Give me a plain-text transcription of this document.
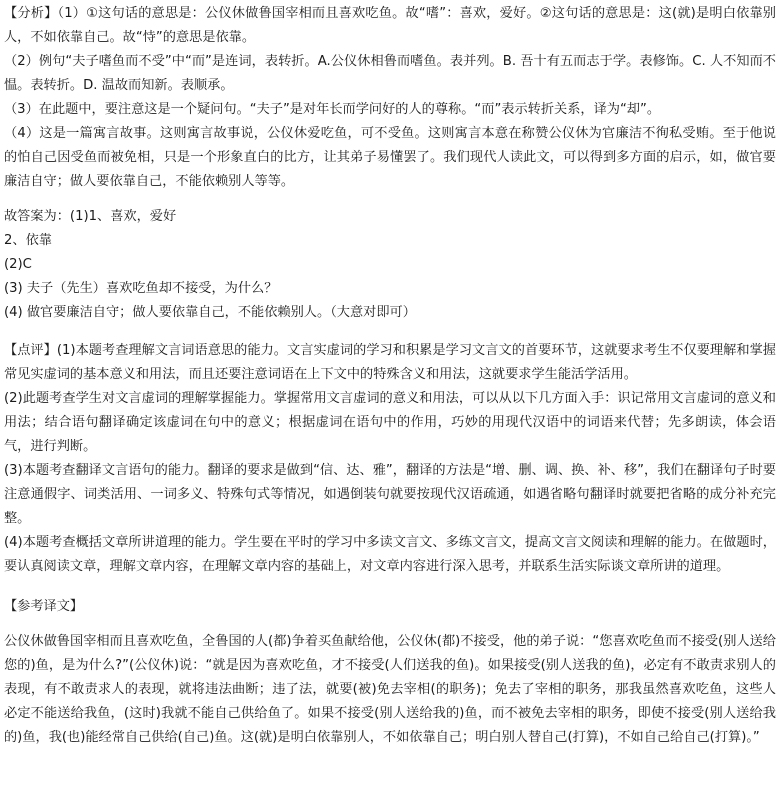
【分析】（1）①这句话的意思是：公仪休做鲁国宰相而且喜欢吃鱼。故“嗜”：喜欢，爱好。②这句话的意思是：这(就)是明白依靠别人，不如依靠自己。故“恃”的意思是依靠。

（2）例句“夫子嗜鱼而不受”中“而”是连词，表转折。A.公仪休相鲁而嗜鱼。表并列。B. 吾十有五而志于学。表修饰。C. 人不知而不愠。表转折。D. 温故而知新。表顺承。

（3）在此题中，要注意这是一个疑问句。“夫子”是对年长而学问好的人的尊称。“而”表示转折关系，译为“却”。

（4）这是一篇寓言故事。这则寓言故事说，公仪休爱吃鱼，可不受鱼。这则寓言本意在称赞公仪休为官廉洁不徇私受贿。至于他说的怕自己因受鱼而被免相，只是一个形象直白的比方，让其弟子易懂罢了。我们现代人读此文，可以得到多方面的启示，如，做官要廉洁自守；做人要依靠自己，不能依赖别人等等。

故答案为：(1)1、喜欢，爱好

2、依靠

(2)C

(3) 夫子（先生）喜欢吃鱼却不接受，为什么？

(4) 做官要廉洁自守；做人要依靠自己，不能依赖别人。（大意对即可）

【点评】(1)本题考查理解文言词语意思的能力。文言实虚词的学习和积累是学习文言文的首要环节，这就要求考生不仅要理解和掌握常见实虚词的基本意义和用法，而且还要注意词语在上下文中的特殊含义和用法，这就要求学生能活学活用。

(2)此题考查学生对文言虚词的理解掌握能力。掌握常用文言虚词的意义和用法，可以从以下几方面入手：识记常用文言虚词的意义和用法；结合语句翻译确定该虚词在句中的意义；根据虚词在语句中的作用，巧妙的用现代汉语中的词语来代替；先多朗读，体会语气，进行判断。

(3)本题考查翻译文言语句的能力。翻译的要求是做到“信、达、雅”，翻译的方法是“增、删、调、换、补、移”，我们在翻译句子时要注意通假字、词类活用、一词多义、特殊句式等情况，如遇倒装句就要按现代汉语疏通，如遇省略句翻译时就要把省略的成分补充完整。

(4)本题考查概括文章所讲道理的能力。学生要在平时的学习中多读文言文、多练文言文，提高文言文阅读和理解的能力。在做题时，要认真阅读文章，理解文章内容，在理解文章内容的基础上，对文章内容进行深入思考，并联系生活实际谈文章所讲的道理。

【参考译文】

公仪休做鲁国宰相而且喜欢吃鱼，全鲁国的人(都)争着买鱼献给他，公仪休(都)不接受，他的弟子说：“您喜欢吃鱼而不接受(别人送给您的)鱼，是为什么?”(公仪休)说：“就是因为喜欢吃鱼，才不接受(人们送我的鱼)。如果接受(别人送我的鱼)，必定有不敢责求别人的表现，有不敢责求人的表现，就将违法曲断；违了法，就要(被)免去宰相(的职务)；免去了宰相的职务，那我虽然喜欢吃鱼，这些人必定不能送给我鱼，(这时)我就不能自己供给鱼了。如果不接受(别人送给我的)鱼，而不被免去宰相的职务，即使不接受(别人送给我的)鱼，我(也)能经常自己供给(自己)鱼。这(就)是明白依靠别人，不如依靠自己；明白别人替自己(打算)，不如自己给自己(打算)。”
